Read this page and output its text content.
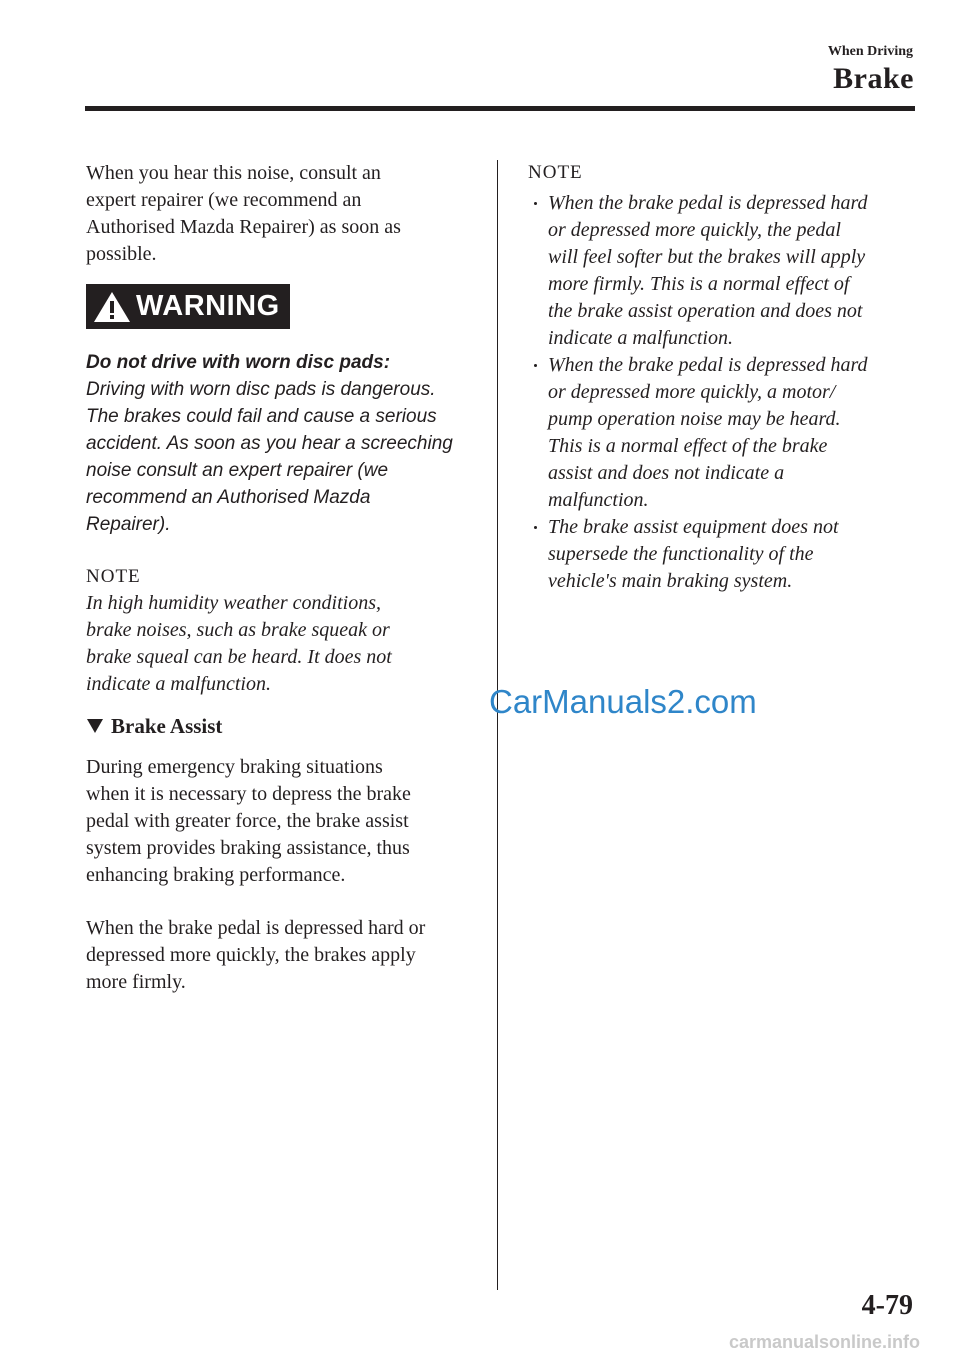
When Driving
Brake
When you hear this noise, consult an
expert repairer (we recommend an
Authorised Mazda Repairer) as soon as
possible.
WARNING
Do not drive with worn disc pads:
Driving with worn disc pads is dangerous.
The brakes could fail and cause a serious
accident. As soon as you hear a screeching
noise consult an expert repairer (we
recommend an Authorised Mazda
Repairer).
NOTE
In high humidity weather conditions,
brake noises, such as brake squeak or
brake squeal can be heard. It does not
indicate a malfunction.
Brake Assist
During emergency braking situations
when it is necessary to depress the brake
pedal with greater force, the brake assist
system provides braking assistance, thus
enhancing braking performance.
When the brake pedal is depressed hard or
depressed more quickly, the brakes apply
more firmly.
NOTE
When the brake pedal is depressed hard
or depressed more quickly, the pedal
will feel softer but the brakes will apply
more firmly. This is a normal effect of
the brake assist operation and does not
indicate a malfunction.
When the brake pedal is depressed hard
or depressed more quickly, a motor/
pump operation noise may be heard.
This is a normal effect of the brake
assist and does not indicate a
malfunction.
The brake assist equipment does not
supersede the functionality of the
vehicle's main braking system.
CarManuals2.com
4-79
carmanualsonline.info
